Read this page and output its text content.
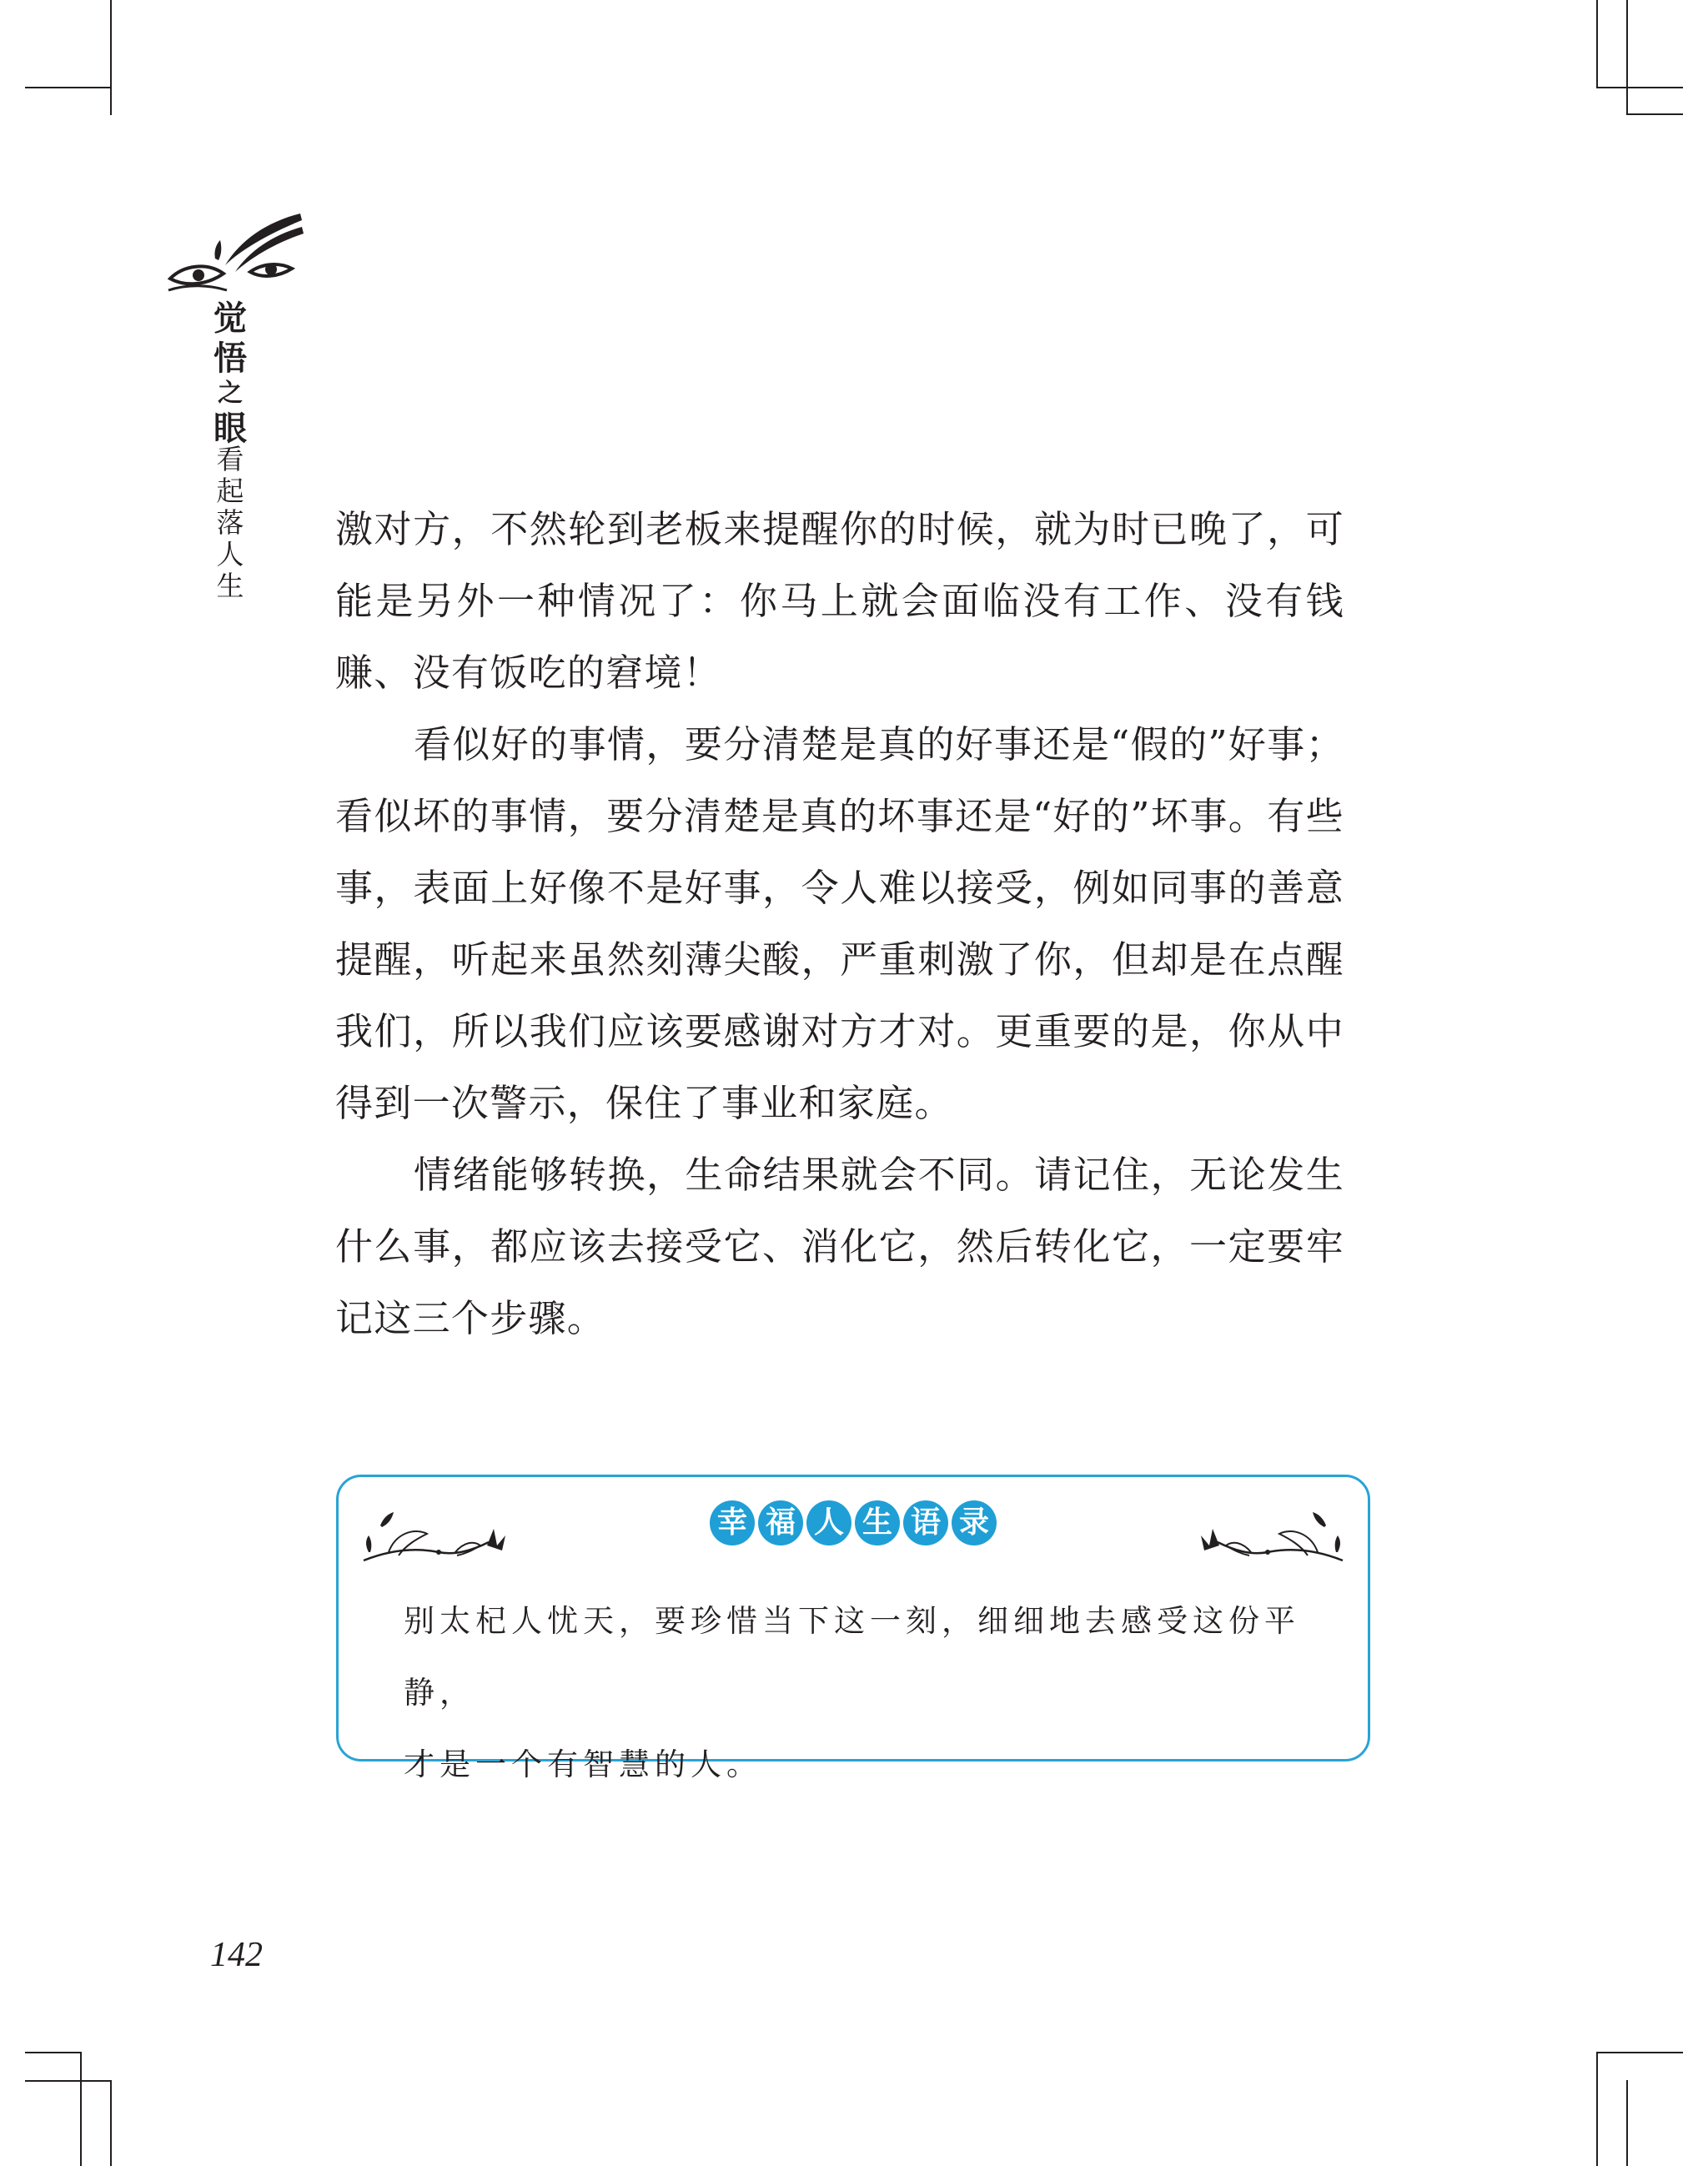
觉
悟
之
眼
看
起
落
人
生

激对方，不然轮到老板来提醒你的时候，就为时已晚了，可能是另外一种情况了：你马上就会面临没有工作、没有钱赚、没有饭吃的窘境！

看似好的事情，要分清楚是真的好事还是“假的”好事；看似坏的事情，要分清楚是真的坏事还是“好的”坏事。有些事，表面上好像不是好事，令人难以接受，例如同事的善意提醒，听起来虽然刻薄尖酸，严重刺激了你，但却是在点醒我们，所以我们应该要感谢对方才对。更重要的是，你从中得到一次警示，保住了事业和家庭。

情绪能够转换，生命结果就会不同。请记住，无论发生什么事，都应该去接受它、消化它，然后转化它，一定要牢记这三个步骤。

幸 福 人 生 语 录
别太杞人忧天，要珍惜当下这一刻，细细地去感受这份平静，
才是一个有智慧的人。
142
